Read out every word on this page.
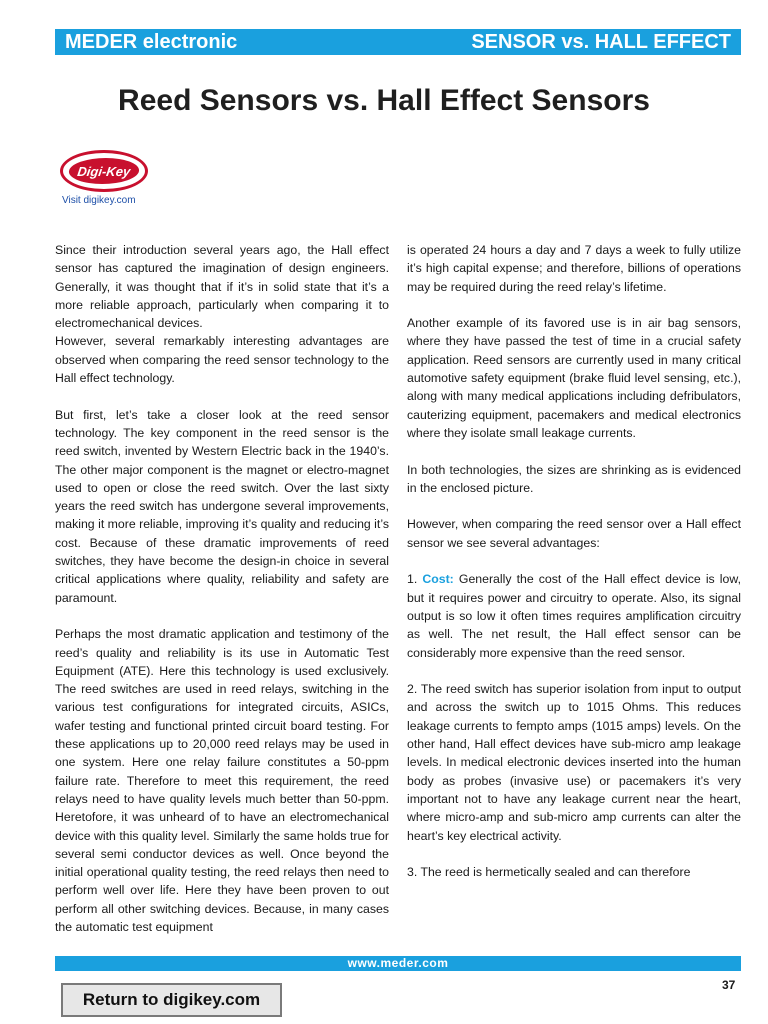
MEDER electronic	SENSOR vs. HALL EFFECT
Reed Sensors vs. Hall Effect Sensors
Digi-Key
Visit digikey.com

Since their introduction several years ago, the Hall effect sensor has captured the imagination of design engineers. Generally, it was thought that if it’s in solid state that it’s a more reliable approach, particularly when comparing it to electromechanical devices.

However, several remarkably interesting advantages are observed when comparing the reed sensor technology to the Hall effect technology.

But first, let’s take a closer look at the reed sensor technology. The key component in the reed sensor is the reed switch, invented by Western Electric back in the 1940’s. The other major component is the magnet or electro-magnet used to open or close the reed switch. Over the last sixty years the reed switch has undergone several improvements, making it more reliable, improving it’s quality and reducing it’s cost. Because of these dramatic improvements of reed switches, they have become the design-in choice in several critical applications where quality, reliability and safety are paramount.

Perhaps the most dramatic application and testimony of the reed’s quality and reliability is its use in Automatic Test Equipment (ATE). Here this technology is used exclusively. The reed switches are used in reed relays, switching in the various test configurations for integrated circuits, ASICs, wafer testing and functional printed circuit board testing. For these applications up to 20,000 reed relays may be used in one system. Here one relay failure constitutes a 50-ppm failure rate. Therefore to meet this requirement, the reed relays need to have quality levels much better than 50-ppm. Heretofore, it was unheard of to have an electromechanical device with this quality level. Similarly the same holds true for several semi conductor devices as well. Once beyond the initial operational quality testing, the reed relays then need to perform well over life. Here they have been proven to out perform all other switching devices. Because, in many cases the automatic test equipment

is operated 24 hours a day and 7 days a week to fully utilize it’s high capital expense; and therefore, billions of operations may be required during the reed relay’s lifetime.

Another example of its favored use is in air bag sensors, where they have passed the test of time in a crucial safety application. Reed sensors are currently used in many critical automotive safety equipment (brake fluid level sensing, etc.), along with many medical applications including defribulators, cauterizing equipment, pacemakers and medical electronics where they isolate small leakage currents.

In both technologies, the sizes are shrinking as is evidenced in the enclosed picture.

However, when comparing the reed sensor over a Hall effect sensor we see several advantages:

1. Cost: Generally the cost of the Hall effect device is low, but it requires power and circuitry to operate. Also, its signal output is so low it often times requires amplification circuitry as well. The net result, the Hall effect sensor can be considerably more expensive than the reed sensor.

2. The reed switch has superior isolation from input to output and across the switch up to 1015 Ohms. This reduces leakage currents to fempto amps (1015 amps) levels. On the other hand, Hall effect devices have sub-micro amp leakage levels. In medical electronic devices inserted into the human body as probes (invasive use) or pacemakers it’s very important not to have any leakage current near the heart, where micro-amp and sub-micro amp currents can alter the heart’s key electrical activity.

3. The reed is hermetically sealed and can therefore

www.meder.com
37
Return to digikey.com
